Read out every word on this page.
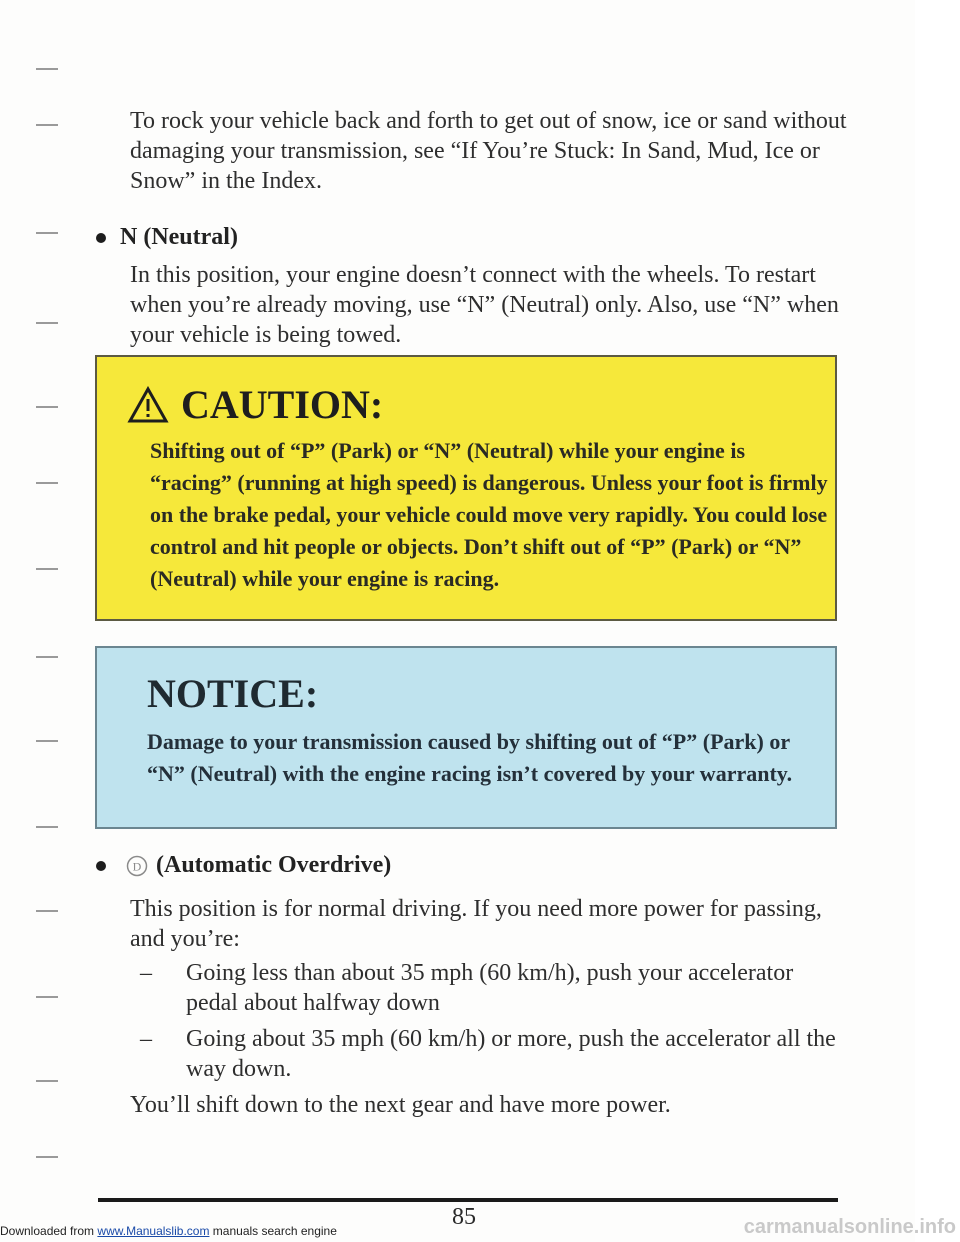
To rock your vehicle back and forth to get out of snow, ice or sand without damaging your transmission, see “If You’re Stuck: In Sand, Mud, Ice or Snow” in the Index.
N (Neutral)
In this position, your engine doesn’t connect with the wheels. To restart when you’re already moving, use “N” (Neutral) only. Also, use “N” when your vehicle is being towed.
CAUTION:
Shifting out of “P” (Park) or “N” (Neutral) while your engine is “racing” (running at high speed) is dangerous. Unless your foot is firmly on the brake pedal, your vehicle could move very rapidly. You could lose control and hit people or objects. Don’t shift out of “P” (Park) or “N” (Neutral) while your engine is racing.
NOTICE:
Damage to your transmission caused by shifting out of “P” (Park) or “N” (Neutral) with the engine racing isn’t covered by your warranty.

D (Automatic Overdrive)
This position is for normal driving. If you need more power for passing, and you’re:
–	Going less than about 35 mph (60 km/h), push your accelerator pedal about halfway down
–	Going about 35 mph (60 km/h) or more, push the accelerator all the way down.
You’ll shift down to the next gear and have more power.
85
Downloaded from www.Manualslib.com manuals search engine	carmanualsonline.info
